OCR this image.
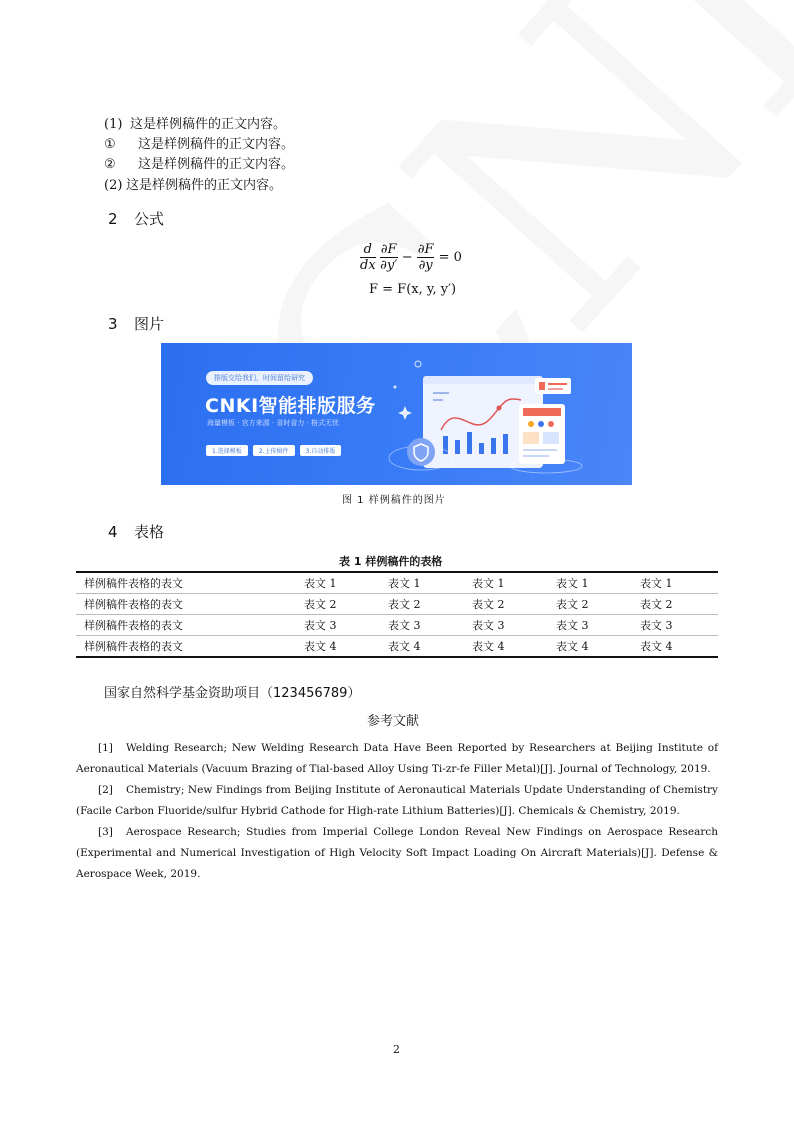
(1) 这是样例稿件的正文内容。
① 这是样例稿件的正文内容。
② 这是样例稿件的正文内容。
(2) 这是样例稿件的正文内容。
2 公式
$\frac{d}{dx}$
$\frac{\partial F}{\partial y'} - \frac{\partial F}{\partial y} = 0$
F = F(x, y, y′)
3 图片
排版交给我们，时间留给研究
CNKI智能排版服务
海量模板 · 官方来源 · 省时省力 · 格式无忧
1.选择模板	2.上传稿件	3.自动排版
图 1 样例稿件的图片
4 表格
表 1 样例稿件的表格
样例稿件表格的表文	表文 1	表文 1	表文 1	表文 1	表文 1
样例稿件表格的表文	表文 2	表文 2	表文 2	表文 2	表文 2
样例稿件表格的表文	表文 3	表文 3	表文 3	表文 3	表文 3
样例稿件表格的表文	表文 4	表文 4	表文 4	表文 4	表文 4
国家自然科学基金资助项目（123456789）
参考文献
[1] Welding Research; New Welding Research Data Have Been Reported by Researchers at Beijing Institute of Aeronautical Materials (Vacuum Brazing of Tial-based Alloy Using Ti-zr-fe Filler Metal)[J]. Journal of Technology, 2019.
[2] Chemistry; New Findings from Beijing Institute of Aeronautical Materials Update Understanding of Chemistry (Facile Carbon Fluoride/sulfur Hybrid Cathode for High-rate Lithium Batteries)[J]. Chemicals & Chemistry, 2019.
[3] Aerospace Research; Studies from Imperial College London Reveal New Findings on Aerospace Research (Experimental and Numerical Investigation of High Velocity Soft Impact Loading On Aircraft Materials)[J]. Defense & Aerospace Week, 2019.
2
